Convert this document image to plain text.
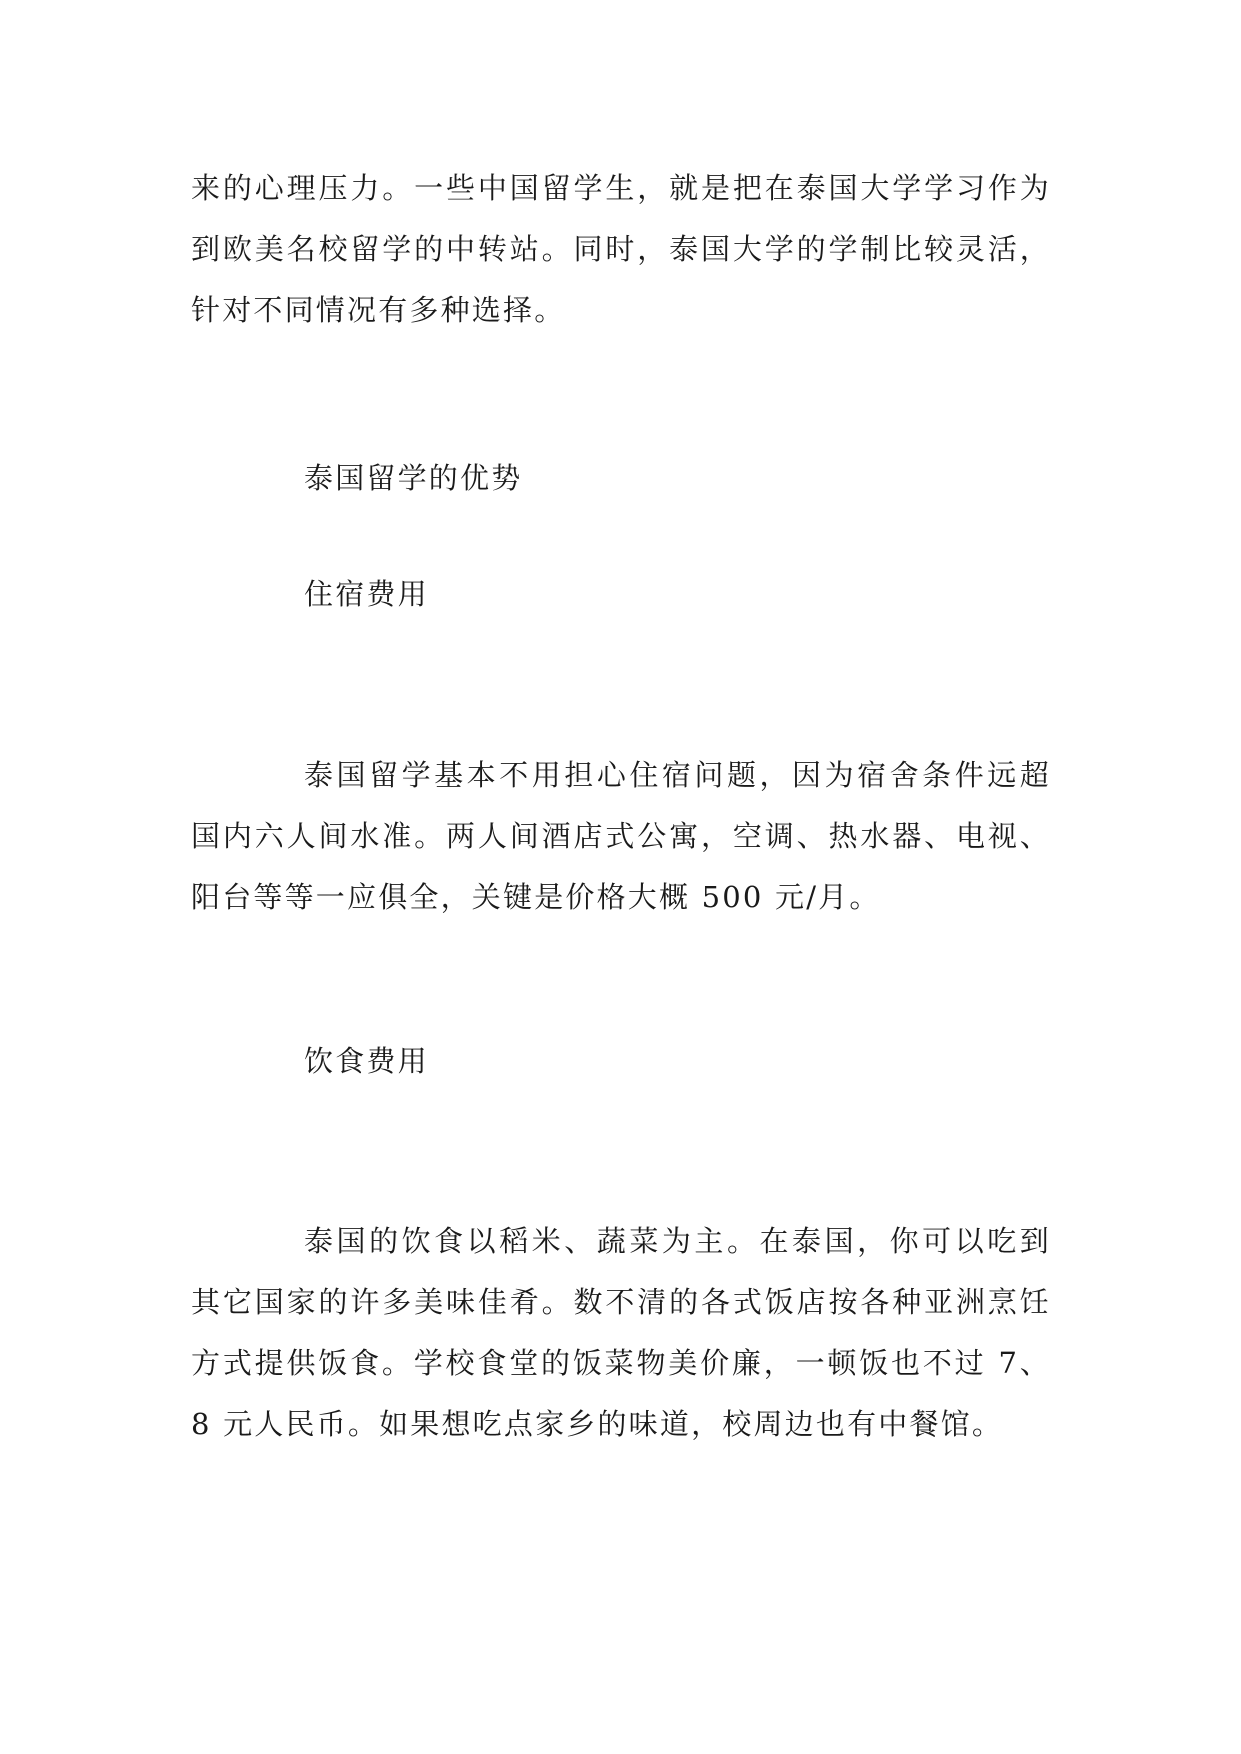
来的心理压力。一些中国留学生，就是把在泰国大学学习作为到欧美名校留学的中转站。同时，泰国大学的学制比较灵活，针对不同情况有多种选择。

泰国留学的优势
住宿费用

泰国留学基本不用担心住宿问题，因为宿舍条件远超国内六人间水准。两人间酒店式公寓，空调、热水器、电视、阳台等等一应俱全，关键是价格大概 500 元/月。

饮食费用

泰国的饮食以稻米、蔬菜为主。在泰国，你可以吃到其它国家的许多美味佳肴。数不清的各式饭店按各种亚洲烹饪方式提供饭食。学校食堂的饭菜物美价廉，一顿饭也不过 7、8 元人民币。如果想吃点家乡的味道，校周边也有中餐馆。
